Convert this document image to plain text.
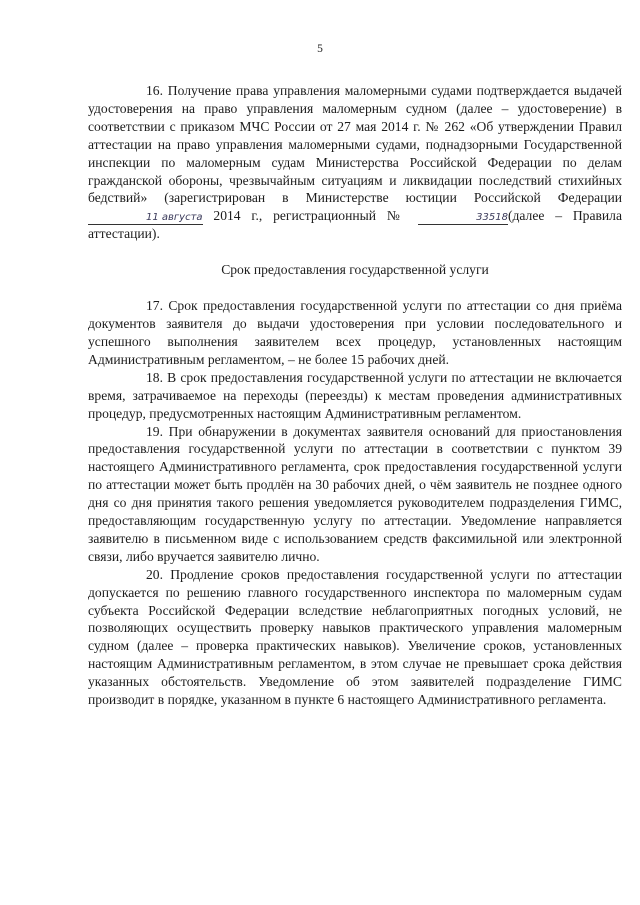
5

16. Получение права управления маломерными судами подтверждается выдачей удостоверения на право управления маломерным судном (далее – удостоверение) в соответствии с приказом МЧС России от 27 мая 2014 г. № 262 «Об утверждении Правил аттестации на право управления маломерными судами, поднадзорными Государственной инспекции по маломерным судам Министерства Российской Федерации по делам гражданской обороны, чрезвычайным ситуациям и ликвидации последствий стихийных бедствий» (зарегистрирован в Министерстве юстиции Российской Федерации 11 августа 2014 г., регистрационный №	33518(далее – Правила аттестации).

Срок предоставления государственной услуги

17. Срок предоставления государственной услуги по аттестации со дня приёма документов заявителя до выдачи удостоверения при условии последовательного и успешного выполнения заявителем всех процедур, установленных настоящим Административным регламентом, – не более 15 рабочих дней.

18. В срок предоставления государственной услуги по аттестации не включается время, затрачиваемое на переходы (переезды) к местам проведения административных процедур, предусмотренных настоящим Административным регламентом.

19. При обнаружении в документах заявителя оснований для приостановления предоставления государственной услуги по аттестации в соответствии с пунктом 39 настоящего Административного регламента, срок предоставления государственной услуги по аттестации может быть продлён на 30 рабочих дней, о чём заявитель не позднее одного дня со дня принятия такого решения уведомляется руководителем подразделения ГИМС, предоставляющим государственную услугу по аттестации. Уведомление направляется заявителю в письменном виде с использованием средств факсимильной или электронной связи, либо вручается заявителю лично.

20. Продление сроков предоставления государственной услуги по аттестации допускается по решению главного государственного инспектора по маломерным судам субъекта Российской Федерации вследствие неблагоприятных погодных условий, не позволяющих осуществить проверку навыков практического управления маломерным судном (далее – проверка практических навыков). Увеличение сроков, установленных настоящим Административным регламентом, в этом случае не превышает срока действия указанных обстоятельств. Уведомление об этом заявителей подразделение ГИМС производит в порядке, указанном в пункте 6 настоящего Административного регламента.
